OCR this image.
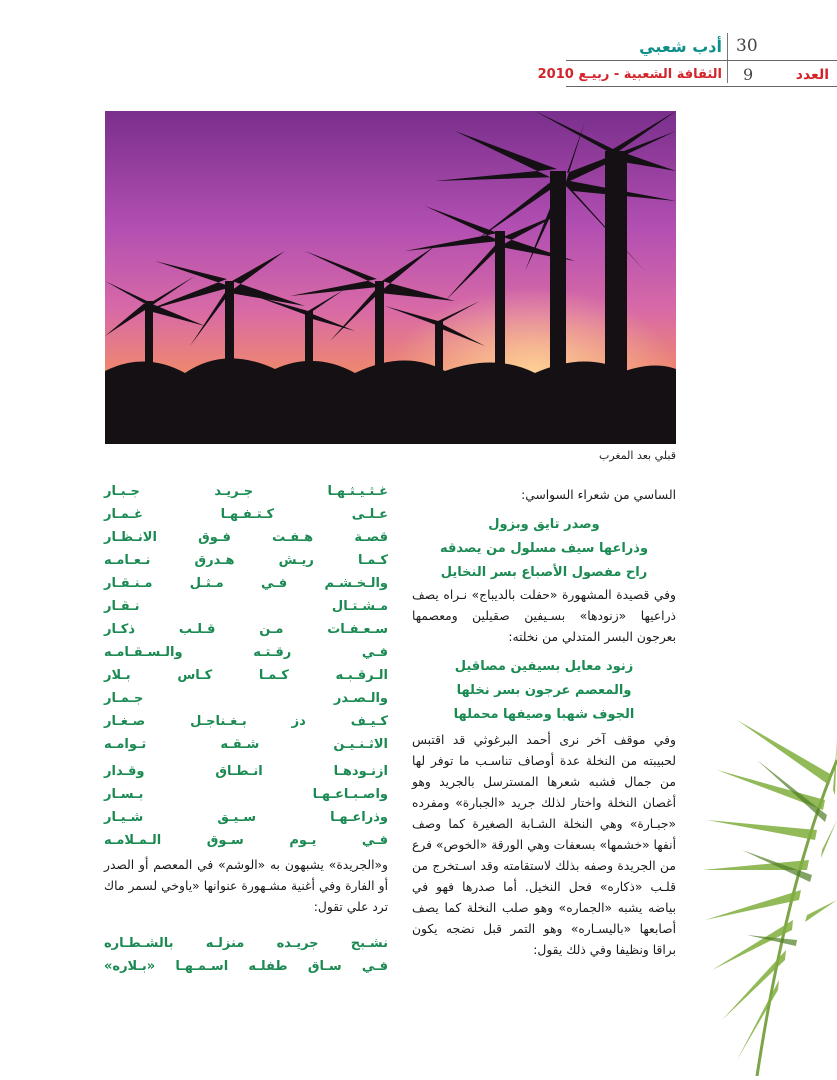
30
أدب شعبي
9	العدد
الثقافة الشعبية - ربيـع 2010
قبلي بعد المغرب

الساسي من شعراء السواسي:

وصدر تايق وبزول
وذراعها سيف مسلول من يصدقه
راح مفصول الأصباع بسر النخايل

وفي قصيدة المشهورة «حفلت بالديباج» نـراه يصف ذراعيها «زنودها» بسـيفين صقيلين ومعصمها بعرجون البسر المتدلي من نخلته:

زنود معايل بسيفين مصاقيل
والمعصم عرجون بسر نخلها
الجوف شهبا وصيفها محملها

وفي موقف آخر نرى أحمد البرغوثي قد اقتبس لحبيبته من النخلة عدة أوصاف تناسـب ما توفر لها من جمال فشبه شعرها المسترسل بالجريد وهو أغصان النخلة واختار لذلك جريد «الجبارة» ومفرده «جبـارة» وهي النخلة الشـابة الصغيرة كما وصف أنفها «خشمها» بسعفات وهي الورقة «الخوص» فرع من الجريدة وصفه بذلك لاستقامته وقد اسـتخرج من قلـب «ذكاره» فحل النخيل. أما صدرها فهو في بياضه يشبه «الجماره» وهو صلب النخلة كما يصف أصابعها «باليسـاره» وهو التمر قبل نضجه يكون براقا ونظيفا وفي ذلك يقول:

غـثـيـثـهـا جـريـد جـبـار
عـلـى كـتـفـهـا غـمـار
قصـة هـفـت فـوق الانـظـار
كـمـا ريـش هـدرق نـعـامـه
والـخـشـم فـي مـثـل مـنـقـار
مـشـتـال نـقـار
سـعـفـات مـن قـلـب ذكـار
فـي رقـتـه والـسـقـامـه
الـرقـبـه كـمـا كـاس بـلار
والـصـدر جـمـار
كـيـف دز بـغـناجـل صـغـار
الاثـنـيـن شـقـه تـوامـه
ازنـودهـا انـطـاق وقـدار
واصـبـاعـهـا بـسـار
وذراعـهـا سـيـق شـيـار
فـي يـوم سـوق الـمـلامـه

و«الجريدة» يشبهون به «الوشم» في المعصم أو الصدر أو الفارة وفي أغنية مشـهورة عنوانها «ياوخي لسمر ماك ترد علي تقول:

نشـبح جريـده منزلـه بالشـطـاره
فـي سـاق طفلـه اسـمـهـا «بـلاره»
